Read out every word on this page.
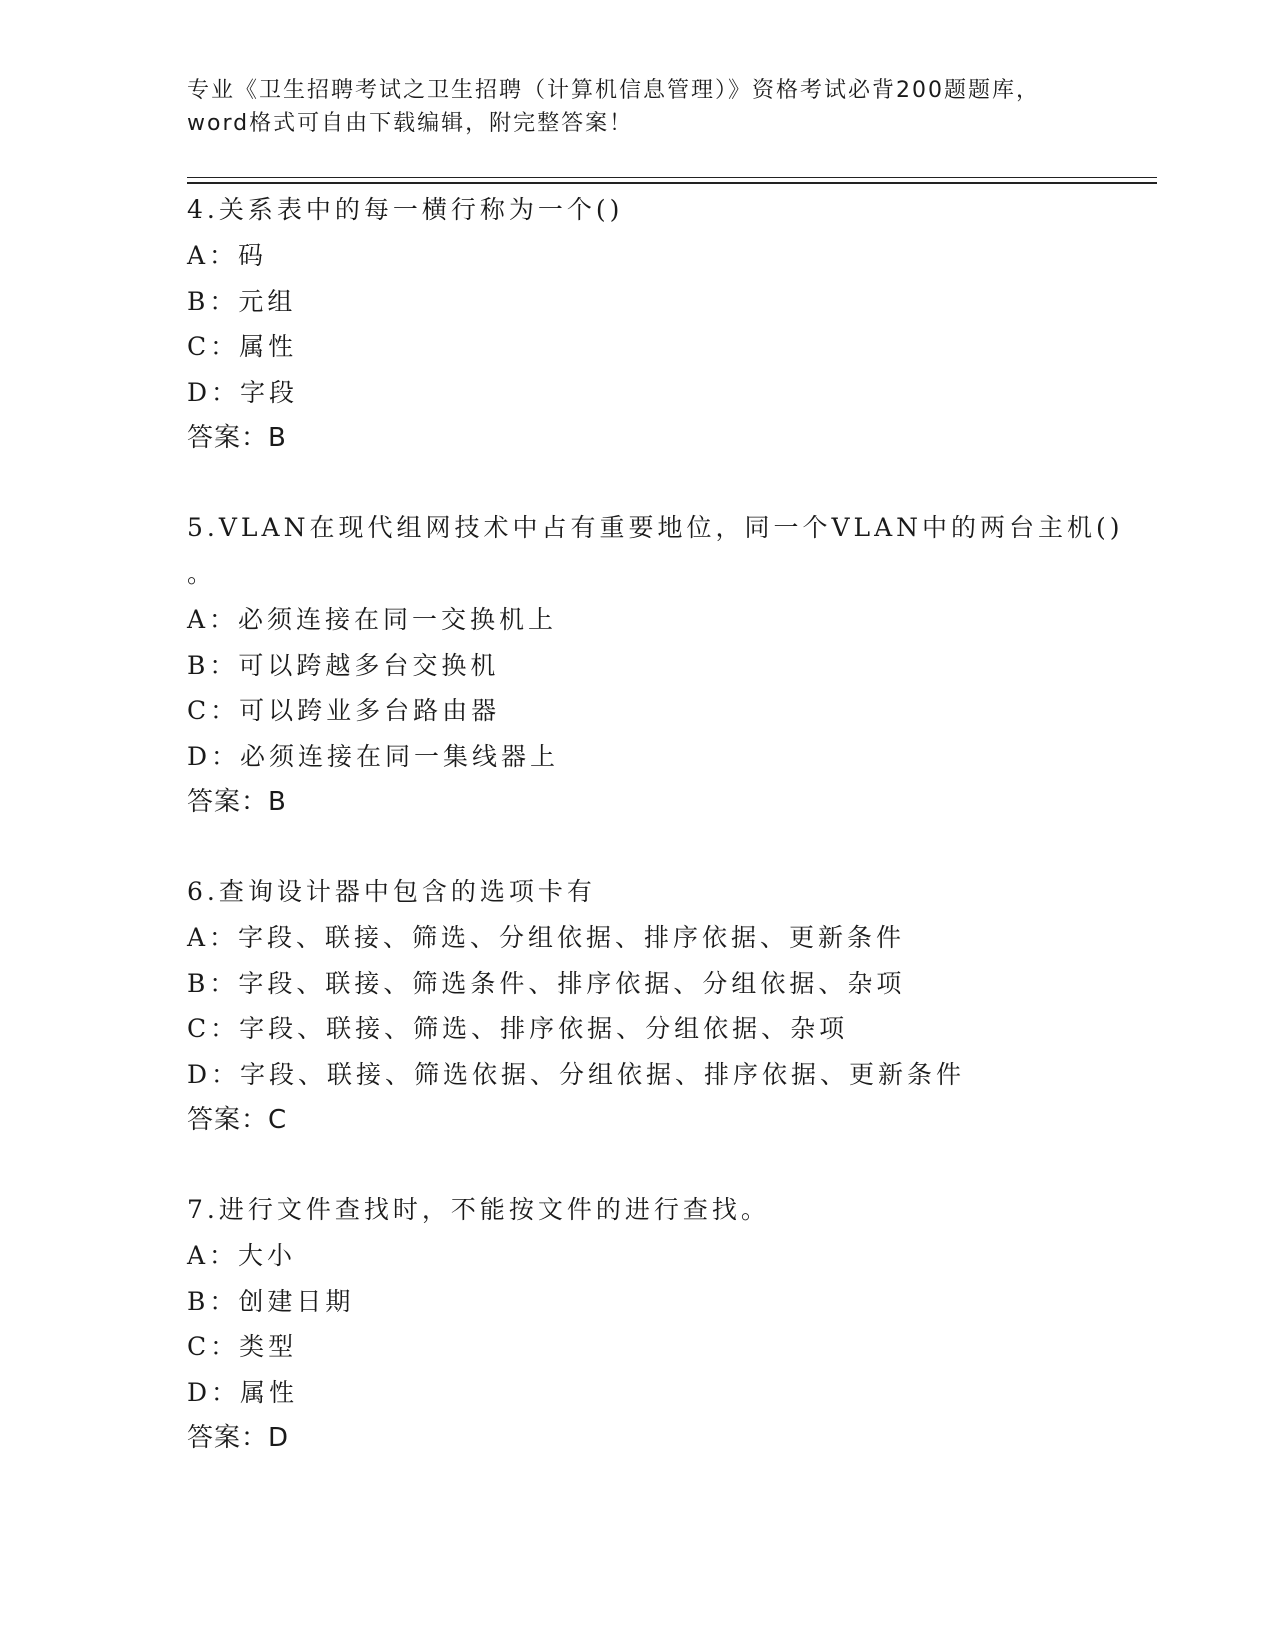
专业《卫生招聘考试之卫生招聘（计算机信息管理）》资格考试必背200题题库，
word格式可自由下载编辑，附完整答案！
4.关系表中的每一横行称为一个()
A：码
B：元组
C：属性
D：字段
答案：B
5.VLAN在现代组网技术中占有重要地位，同一个VLAN中的两台主机()
。
A：必须连接在同一交换机上
B：可以跨越多台交换机
C：可以跨业多台路由器
D：必须连接在同一集线器上
答案：B
6.查询设计器中包含的选项卡有
A：字段、联接、筛选、分组依据、排序依据、更新条件
B：字段、联接、筛选条件、排序依据、分组依据、杂项
C：字段、联接、筛选、排序依据、分组依据、杂项
D：字段、联接、筛选依据、分组依据、排序依据、更新条件
答案：C
7.进行文件查找时，不能按文件的进行查找。
A：大小
B：创建日期
C：类型
D：属性
答案：D
